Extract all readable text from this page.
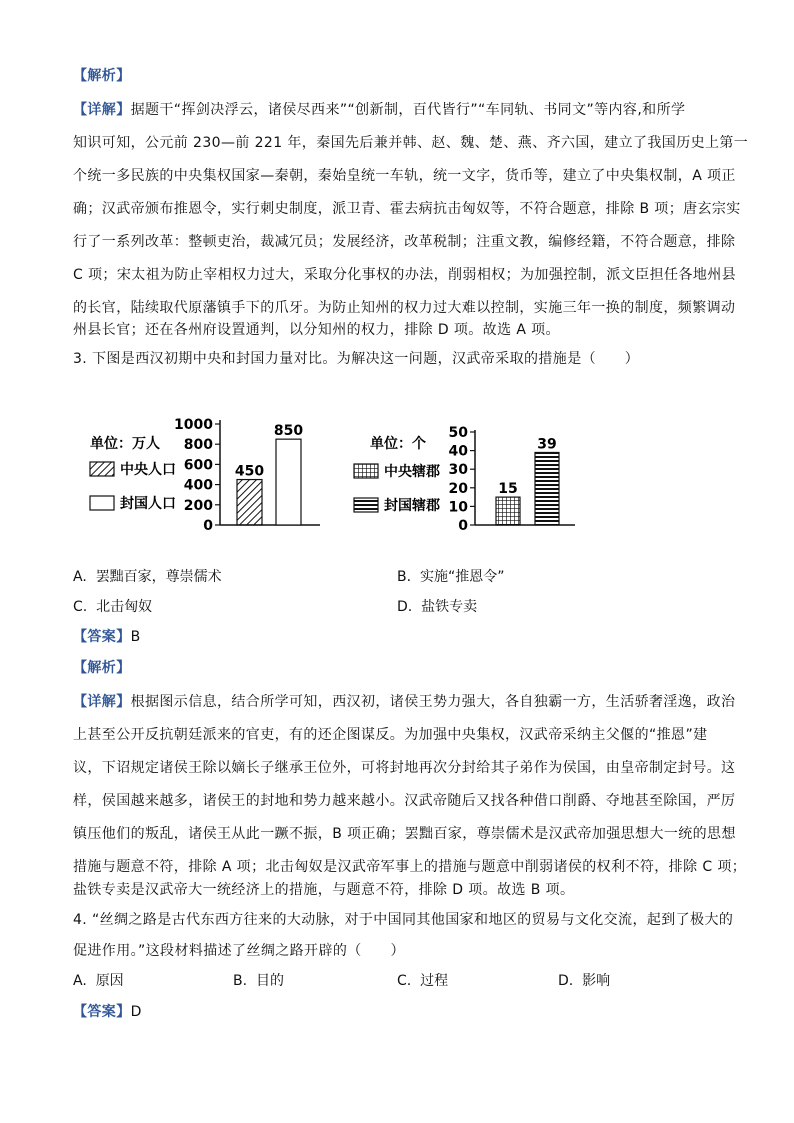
【解析】
【详解】据题干“挥剑决浮云，诸侯尽西来”“创新制，百代皆行”“车同轨、书同文”等内容,和所学
知识可知，公元前 230—前 221 年，秦国先后兼并韩、赵、魏、楚、燕、齐六国，建立了我国历史上第一
个统一多民族的中央集权国家—秦朝，秦始皇统一车轨，统一文字，货币等，建立了中央集权制，A 项正
确；汉武帝颁布推恩令，实行刺史制度，派卫青、霍去病抗击匈奴等，不符合题意，排除 B 项；唐玄宗实
行了一系列改革：整顿吏治，裁减冗员；发展经济，改革税制；注重文教，编修经籍，不符合题意，排除
C 项；宋太祖为防止宰相权力过大，采取分化事权的办法，削弱相权；为加强控制，派文臣担任各地州县
的长官，陆续取代原藩镇手下的爪牙。为防止知州的权力过大难以控制，实施三年一换的制度，频繁调动
州县长官；还在各州府设置通判，以分知州的权力，排除 D 项。故选 A 项。
3. 下图是西汉初期中央和封国力量对比。为解决这一问题，汉武帝采取的措施是（　　）
0
200
400
600
800
1000
单位：万人
中央人口
封国人口
450
850
0
10
20
30
40
50
单位：个
中央辖郡
封国辖郡
15
39
A. 罢黜百家，尊崇儒术	B. 实施“推恩令”
C. 北击匈奴	D. 盐铁专卖
【答案】B
【解析】
【详解】根据图示信息，结合所学可知，西汉初，诸侯王势力强大，各自独霸一方，生活骄奢淫逸，政治
上甚至公开反抗朝廷派来的官吏，有的还企图谋反。为加强中央集权，汉武帝采纳主父偃的“推恩”建
议，下诏规定诸侯王除以嫡长子继承王位外，可将封地再次分封给其子弟作为侯国，由皇帝制定封号。这
样，侯国越来越多，诸侯王的封地和势力越来越小。汉武帝随后又找各种借口削爵、夺地甚至除国，严厉
镇压他们的叛乱，诸侯王从此一蹶不振，B 项正确；罢黜百家，尊崇儒术是汉武帝加强思想大一统的思想
措施与题意不符，排除 A 项；北击匈奴是汉武帝军事上的措施与题意中削弱诸侯的权利不符，排除 C 项；
盐铁专卖是汉武帝大一统经济上的措施，与题意不符，排除 D 项。故选 B 项。
4. “丝绸之路是古代东西方往来的大动脉，对于中国同其他国家和地区的贸易与文化交流，起到了极大的
促进作用。”这段材料描述了丝绸之路开辟的（　　）
A. 原因	B. 目的	C. 过程	D. 影响
【答案】D
